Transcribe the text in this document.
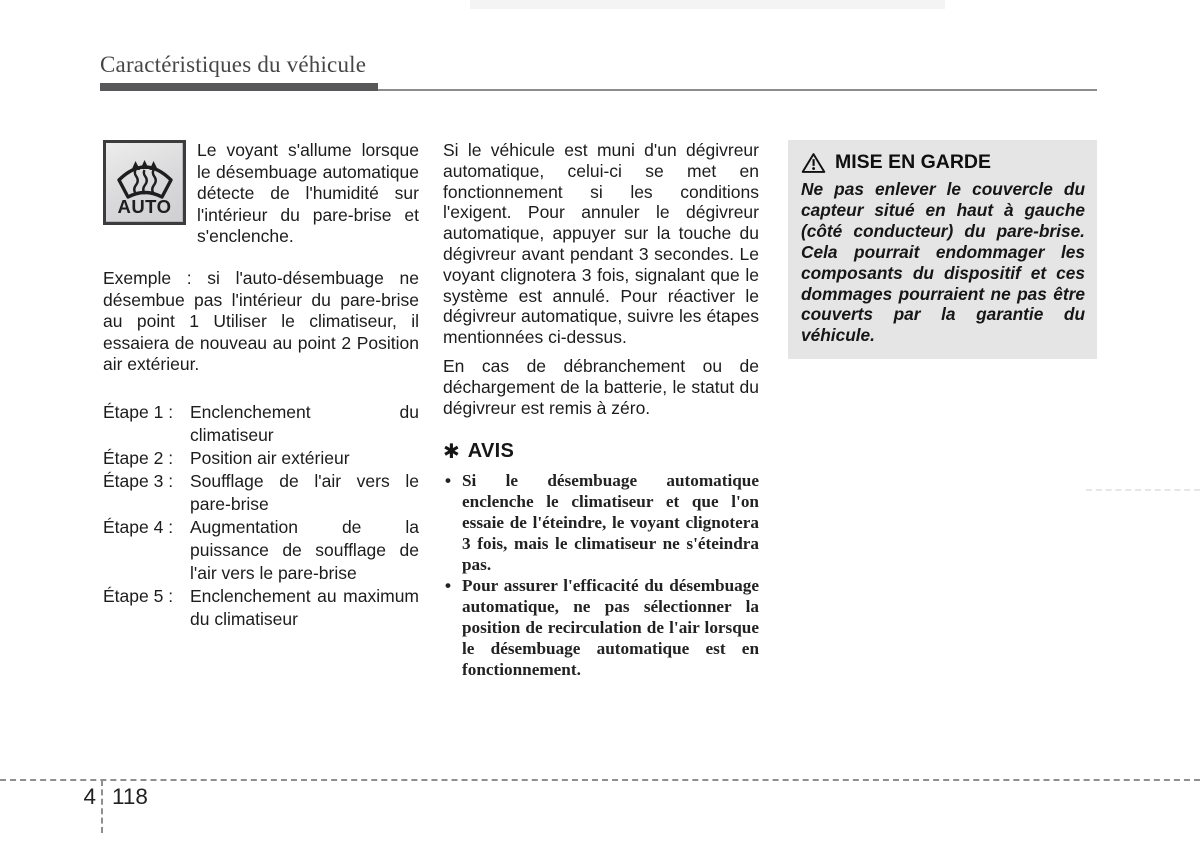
Caractéristiques du véhicule
AUTO
Le voyant s'allume lorsque le désembuage automatique détecte de l'humidité sur l'intérieur du pare-brise et s'enclenche.
Exemple : si l'auto-désembuage ne désembue pas l'intérieur du pare-brise au point 1 Utiliser le climatiseur, il essaiera de nouveau au point 2 Position air extérieur.
Étape 1 : Enclenchement du climatiseur
Étape 2 : Position air extérieur
Étape 3 : Soufflage de l'air vers le pare-brise
Étape 4 : Augmentation de la puissance de soufflage de l'air vers le pare-brise
Étape 5 : Enclenchement au maximum du climatiseur
Si le véhicule est muni d'un dégivreur automatique, celui-ci se met en fonctionnement si les conditions l'exigent. Pour annuler le dégivreur automatique, appuyer sur la touche du dégivreur avant pendant 3 secondes. Le voyant clignotera 3 fois, signalant que le système est annulé. Pour réactiver le dégivreur automatique, suivre les étapes mentionnées ci-dessus.
En cas de débranchement ou de déchargement de la batterie, le statut du dégivreur est remis à zéro.
✱ AVIS
• Si le désembuage automatique enclenche le climatiseur et que l'on essaie de l'éteindre, le voyant clignotera 3 fois, mais le climatiseur ne s'éteindra pas.
• Pour assurer l'efficacité du désembuage automatique, ne pas sélectionner la position de recirculation de l'air lorsque le désembuage automatique est en fonctionnement.
MISE EN GARDE
Ne pas enlever le couvercle du capteur situé en haut à gauche (côté conducteur) du pare-brise. Cela pourrait endommager les composants du dispositif et ces dommages pourraient ne pas être couverts par la garantie du véhicule.
4 118
